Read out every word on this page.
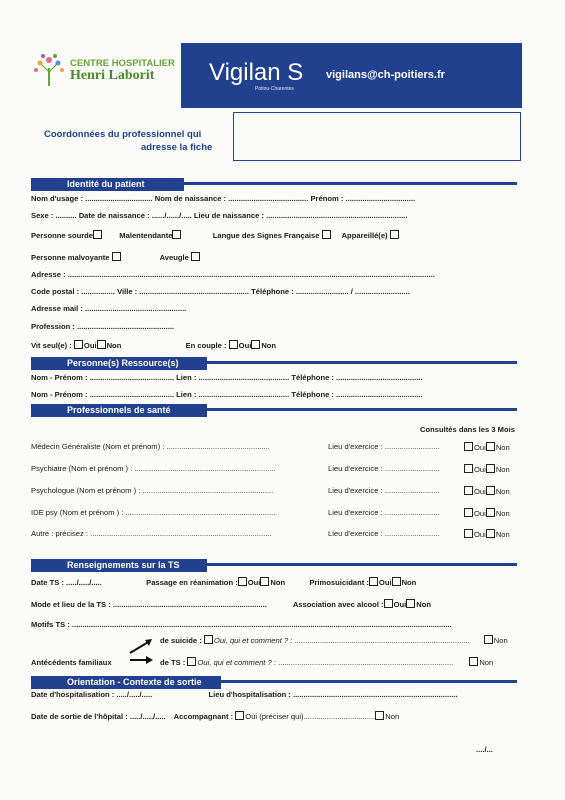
CENTRE HOSPITALIER
Henri Laborit Vigilan S
Poitou-Charentes
vigilans@ch-poitiers.fr
Coordonnées du professionnel qui
adresse la fiche
Identité du patient
Nom d'usage : ................................ Nom de naissance : ...................................... Prénom : .................................
Sexe : .......... Date de naissance : ....../....../..... Lieu de naissance : ...................................................................
Personne sourde	Malentendante	Langue des Signes Française	Appareillé(e)
Personne malvoyante	Aveugle
Adresse : ..............................................................................................................................................................................
Code postal : ................ Ville : .................................................... Téléphone : ......................... / ..........................
Adresse mail : ................................................
Profession : ..............................................
Vit seul(e) : Oui Non	En couple : Oui Non
Personne(s) Ressource(s)
Nom - Prénom : ........................................ Lien : ........................................... Téléphone : .........................................
Nom - Prénom : ........................................ Lien : ........................................... Téléphone : .........................................
Professionnels de santé
Consultés dans les 3 Mois
Médecin Généraliste (Nom et prénom) : .................................................	Lieu d'exercice : ..........................	Oui Non
Psychiatre (Nom et prénom ) : ...................................................................	Lieu d'exercice : ..........................	Oui Non
Psychologue (Nom et prénom ) : ..............................................................	Lieu d'exercice : ..........................	Oui Non
IDE psy (Nom et prénom ) : .......................................................................	Lieu d'exercice : ..........................	Oui Non
Autre : précisez : ......................................................................................	Lieu d'exercice : ..........................	Oui Non
Renseignements sur la TS
Date TS : ...../...../.....	Passage en réanimation : Oui Non	Primosuicidant : Oui Non
Mode et lieu de la TS : .........................................................................	Association avec alcool : Oui Non
Motifs TS : ....................................................................................................................................................................................
Antécédents familiaux
de suicide : Oui, qui et comment ? : ...................................................................................	Non
de TS : Oui, qui et comment ? : ...................................................................................	Non
Orientation - Contexte de sortie
Date d'hospitalisation : ...../...../.....	Lieu d'hospitalisation : ..............................................................................
Date de sortie de l'hôpital : ...../...../..... Accompagnant : Oui (préciser qui).................................. Non
..../...
